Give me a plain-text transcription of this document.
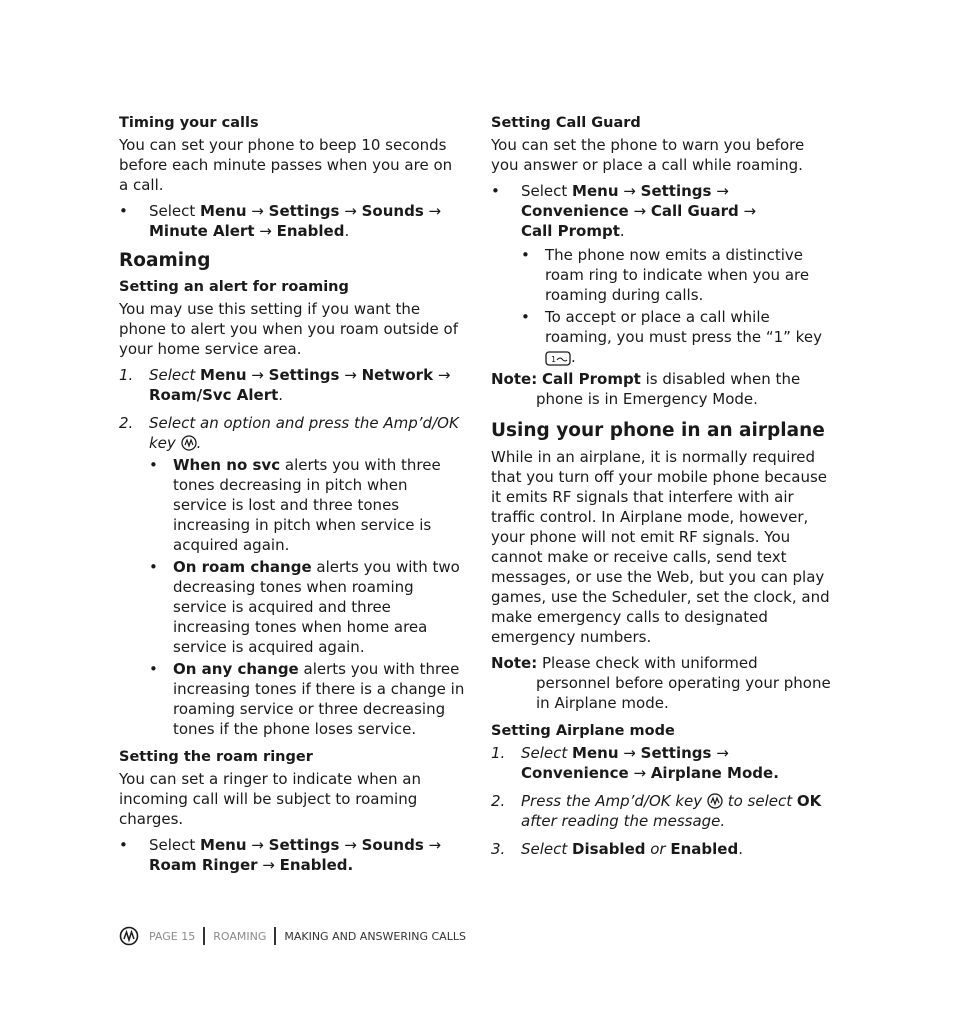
Timing your calls
You can set your phone to beep 10 seconds before each minute passes when you are on a call.
•	Select Menu → Settings → Sounds →
Minute Alert → Enabled.
Roaming
Setting an alert for roaming
You may use this setting if you want the phone to alert you when you roam outside of your home service area.
1.	Select Menu → Settings → Network →
Roam/Svc Alert.
2.	Select an option and press the Amp’d/OK key .
•	When no svc alerts you with three tones decreasing in pitch when service is lost and three tones increasing in pitch when service is acquired again.
•	On roam change alerts you with two decreasing tones when roaming service is acquired and three increasing tones when home area service is acquired again.
•	On any change alerts you with three increasing tones if there is a change in roaming service or three decreasing tones if the phone loses service.
Setting the roam ringer
You can set a ringer to indicate when an incoming call will be subject to roaming charges.
•	Select Menu → Settings → Sounds →
Roam Ringer → Enabled.
Setting Call Guard
You can set the phone to warn you before you answer or place a call while roaming.
•	Select Menu → Settings →
Convenience → Call Guard →
Call Prompt.
•	The phone now emits a distinctive roam ring to indicate when you are roaming during calls.
•	To accept or place a call while roaming, you must press the “1” key
1 .
Note: Call Prompt is disabled when the phone is in Emergency Mode.
Using your phone in an airplane
While in an airplane, it is normally required that you turn off your mobile phone because it emits RF signals that interfere with air traffic control. In Airplane mode, however, your phone will not emit RF signals. You cannot make or receive calls, send text messages, or use the Web, but you can play games, use the Scheduler, set the clock, and make emergency calls to designated emergency numbers.
Note: Please check with uniformed personnel before operating your phone in Airplane mode.
Setting Airplane mode
1.	Select Menu → Settings →
Convenience → Airplane Mode.
2.	Press the Amp’d/OK key  to select OK after reading the message.
3.	Select Disabled or Enabled.
PAGE 15 ROAMING MAKING AND ANSWERING CALLS
